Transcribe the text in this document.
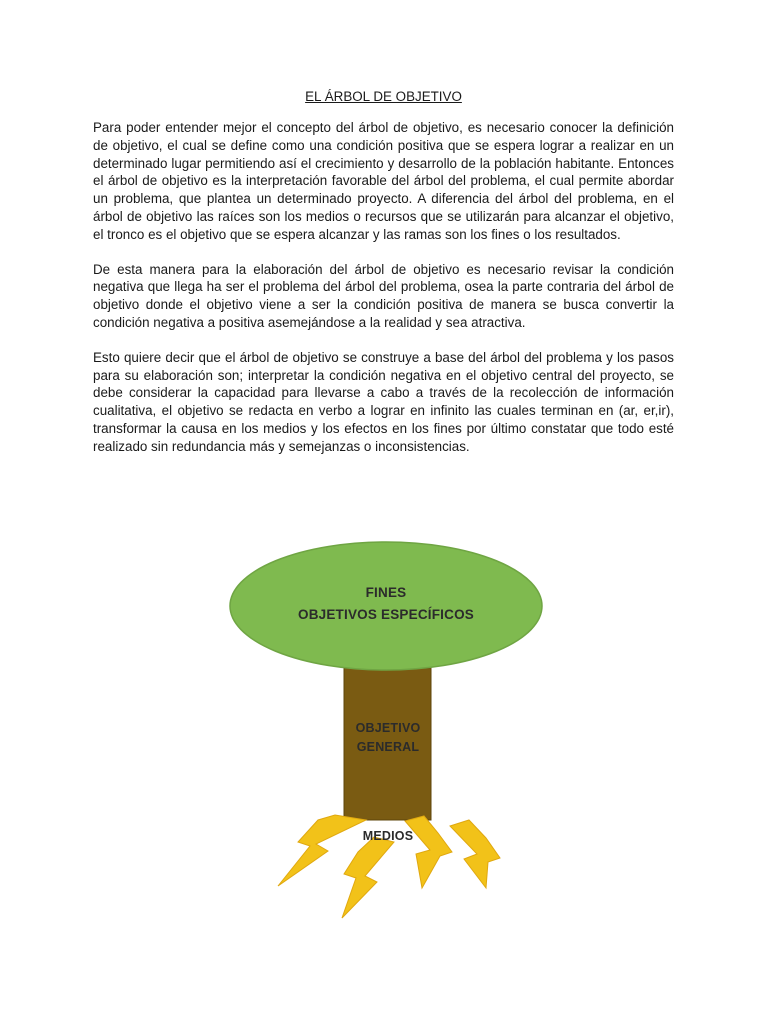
EL ÁRBOL DE OBJETIVO

Para poder entender mejor el concepto del árbol de objetivo, es necesario conocer la definición de objetivo, el cual se define como una condición positiva que se espera lograr a realizar en un determinado lugar permitiendo así el crecimiento y desarrollo de la población habitante. Entonces el árbol de objetivo es la interpretación favorable del árbol del problema, el cual permite abordar un problema, que plantea un determinado proyecto. A diferencia del árbol del problema, en el árbol de objetivo las raíces son los medios o recursos que se utilizarán para alcanzar el objetivo, el tronco es el objetivo que se espera alcanzar y las ramas son los fines o los resultados.

De esta manera para la elaboración del árbol de objetivo es necesario revisar la condición negativa que llega ha ser el problema del árbol del problema, osea la parte contraria del árbol de objetivo donde el objetivo viene a ser la condición positiva de manera se busca convertir la condición negativa a positiva asemejándose a la realidad y sea atractiva.

Esto quiere decir que el árbol de objetivo se construye a base del árbol del problema y los pasos para su elaboración son; interpretar la condición negativa en el objetivo central del proyecto, se debe considerar la capacidad para llevarse a cabo a través de la recolección de información cualitativa, el objetivo se redacta en verbo a lograr en infinito las cuales terminan en (ar, er,ir), transformar la causa en los medios y los efectos en los fines por último constatar que todo esté realizado sin redundancia más y semejanzas o inconsistencias.

FINES
OBJETIVOS ESPECÍFICOS
OBJETIVO
GENERAL
MEDIOS
